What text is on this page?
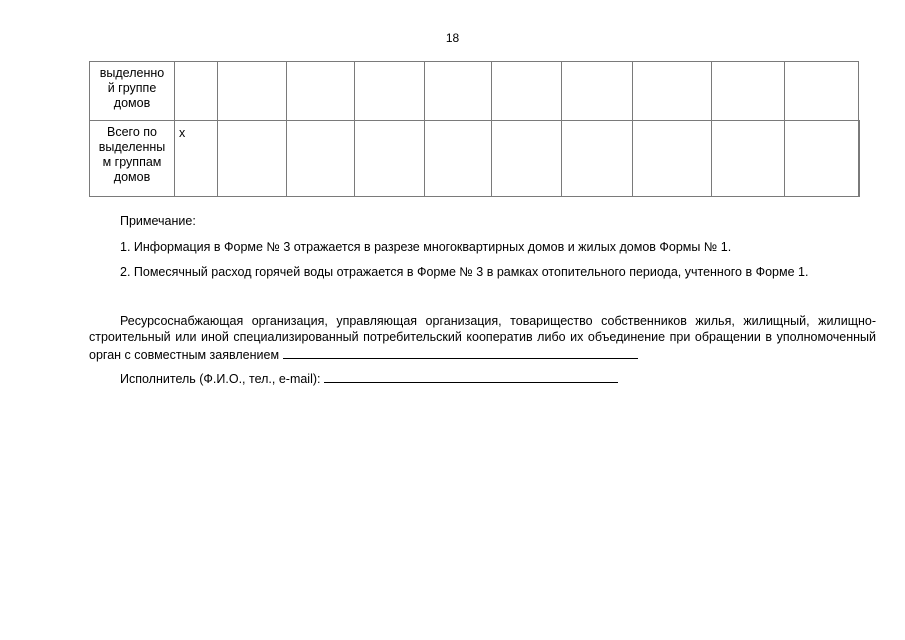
18
выделенно
й группе
домов											
Всего по
выделенны
м группам
домов	х										
Примечание:
1. Информация в Форме № 3 отражается в разрезе многоквартирных домов и жилых домов Формы № 1.
2. Помесячный расход горячей воды отражается в Форме № 3 в рамках отопительного периода, учтенного в Форме 1.
Ресурсоснабжающая организация, управляющая организация, товарищество собственников жилья, жилищный, жилищно-строительный или иной специализированный потребительский кооператив либо их объединение при обращении в уполномоченный орган с совместным заявлением
Исполнитель (Ф.И.О., тел., e-mail):
